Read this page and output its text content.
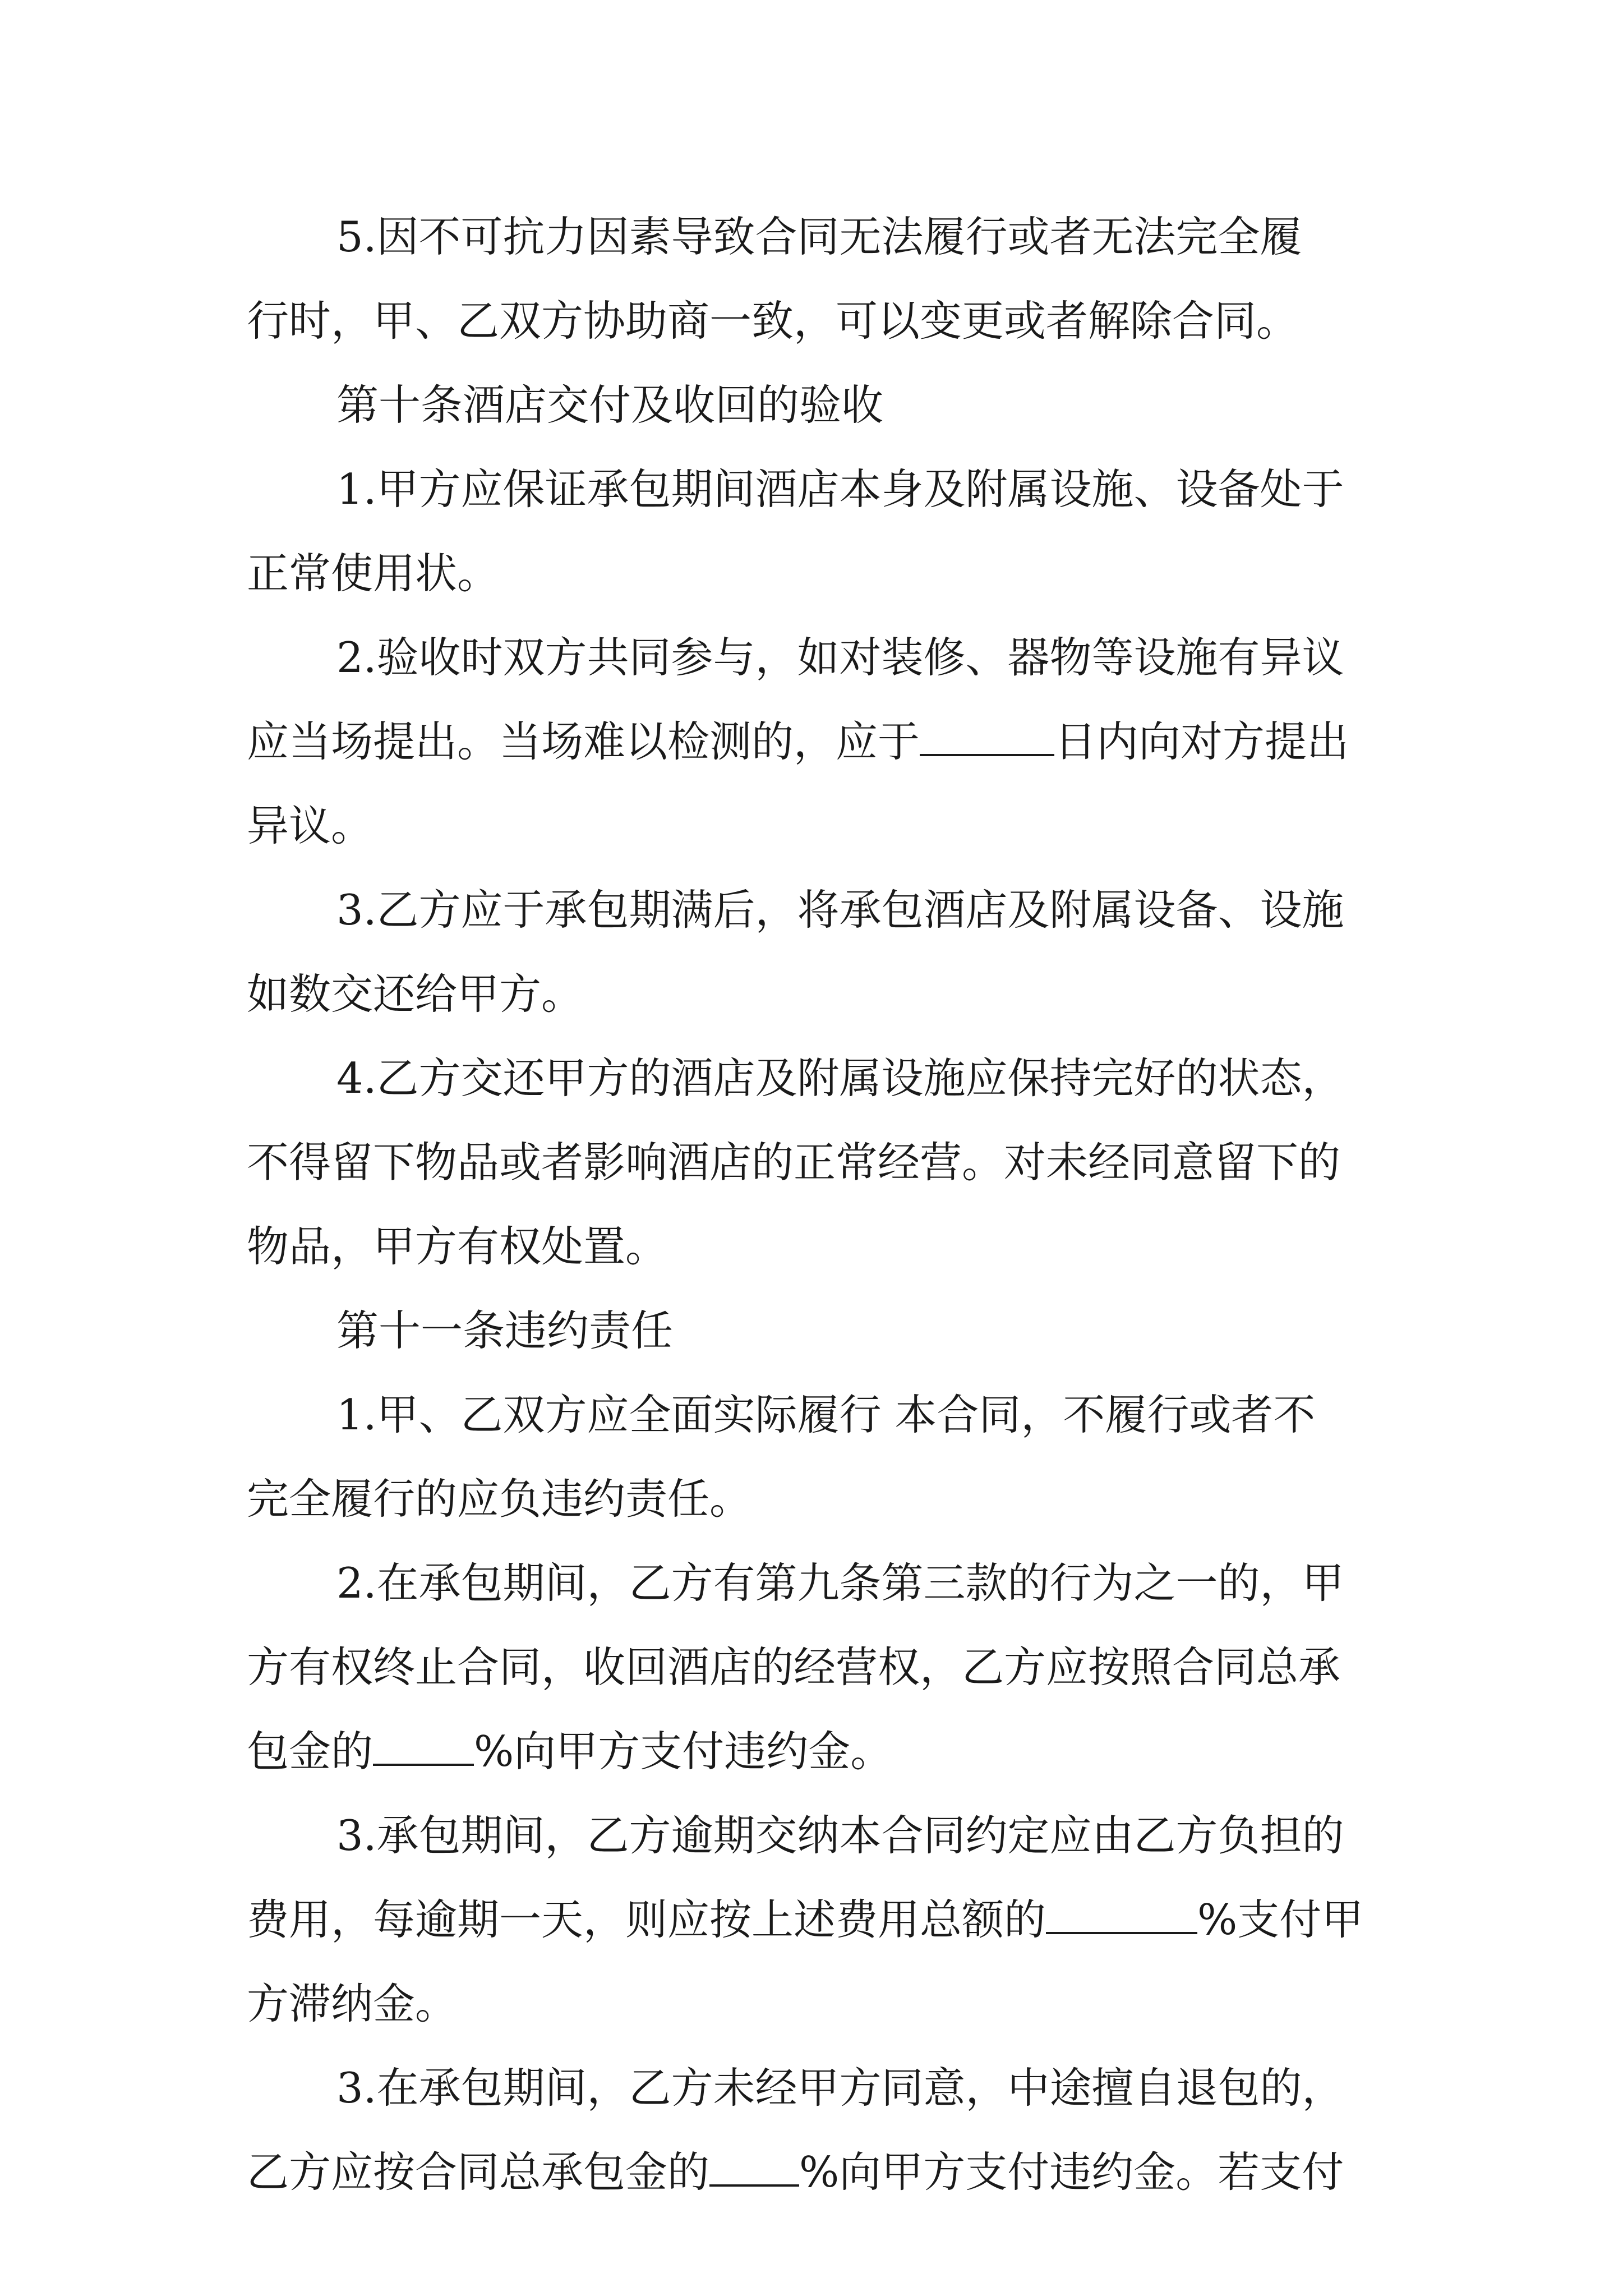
5.因不可抗力因素导致合同无法履行或者无法完全履
行时，甲、乙双方协助商一致，可以变更或者解除合同。
第十条酒店交付及收回的验收
1.甲方应保证承包期间酒店本身及附属设施、设备处于
正常使用状。
2.验收时双方共同参与，如对装修、器物等设施有异议
应当场提出。当场难以检测的，应于	日内向对方提出
异议。
3.乙方应于承包期满后，将承包酒店及附属设备、设施
如数交还给甲方。
4.乙方交还甲方的酒店及附属设施应保持完好的状态，
不得留下物品或者影响酒店的正常经营。对未经同意留下的
物品，甲方有权处置。
第十一条违约责任
1.甲、乙双方应全面实际履行 本合同，不履行或者不
完全履行的应负违约责任。
2.在承包期间，乙方有第九条第三款的行为之一的，甲
方有权终止合同，收回酒店的经营权，乙方应按照合同总承
包金的 %向甲方支付违约金。
3.承包期间，乙方逾期交纳本合同约定应由乙方负担的
费用，每逾期一天，则应按上述费用总额的	%支付甲
方滞纳金。
3.在承包期间，乙方未经甲方同意，中途擅自退包的，
乙方应按合同总承包金的 %向甲方支付违约金。若支付
